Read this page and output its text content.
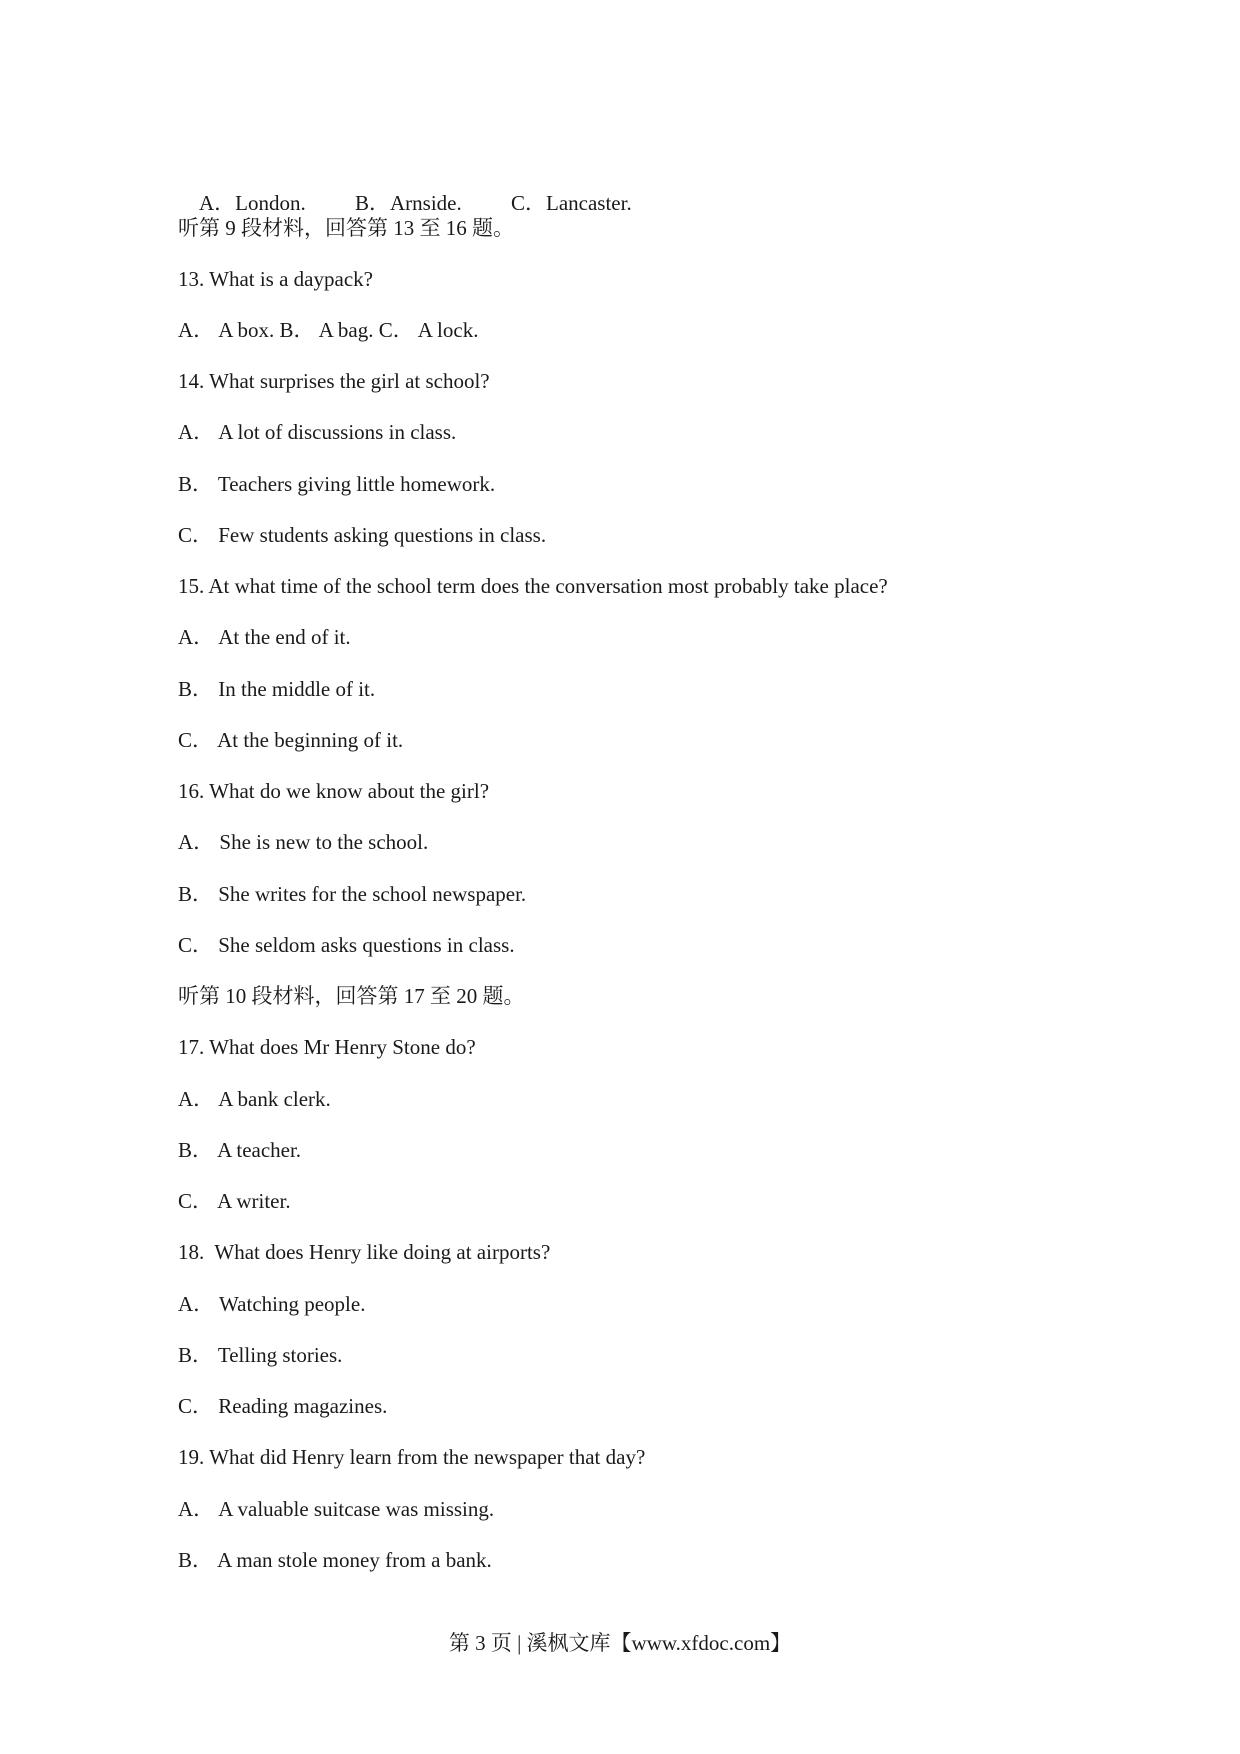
A．London. B．Arnside. C．Lancaster.

听第 9 段材料，回答第 13 至 16 题。
13. What is a daypack?
A． A box. B． A bag. C． A lock.
14. What surprises the girl at school?
A． A lot of discussions in class.
B． Teachers giving little homework.
C． Few students asking questions in class.
15. At what time of the school term does the conversation most probably take place?
A． At the end of it.
B． In the middle of it.
C． At the beginning of it.
16. What do we know about the girl?
A． She is new to the school.
B． She writes for the school newspaper.
C． She seldom asks questions in class.
听第 10 段材料，回答第 17 至 20 题。
17. What does Mr Henry Stone do?
A． A bank clerk.
B． A teacher.
C． A writer.
18.  What does Henry like doing at airports?
A． Watching people.
B． Telling stories.
C． Reading magazines.
19. What did Henry learn from the newspaper that day?
A． A valuable suitcase was missing.
B． A man stole money from a bank.
第 3 页 | 溪枫文库【www.xfdoc.com】
